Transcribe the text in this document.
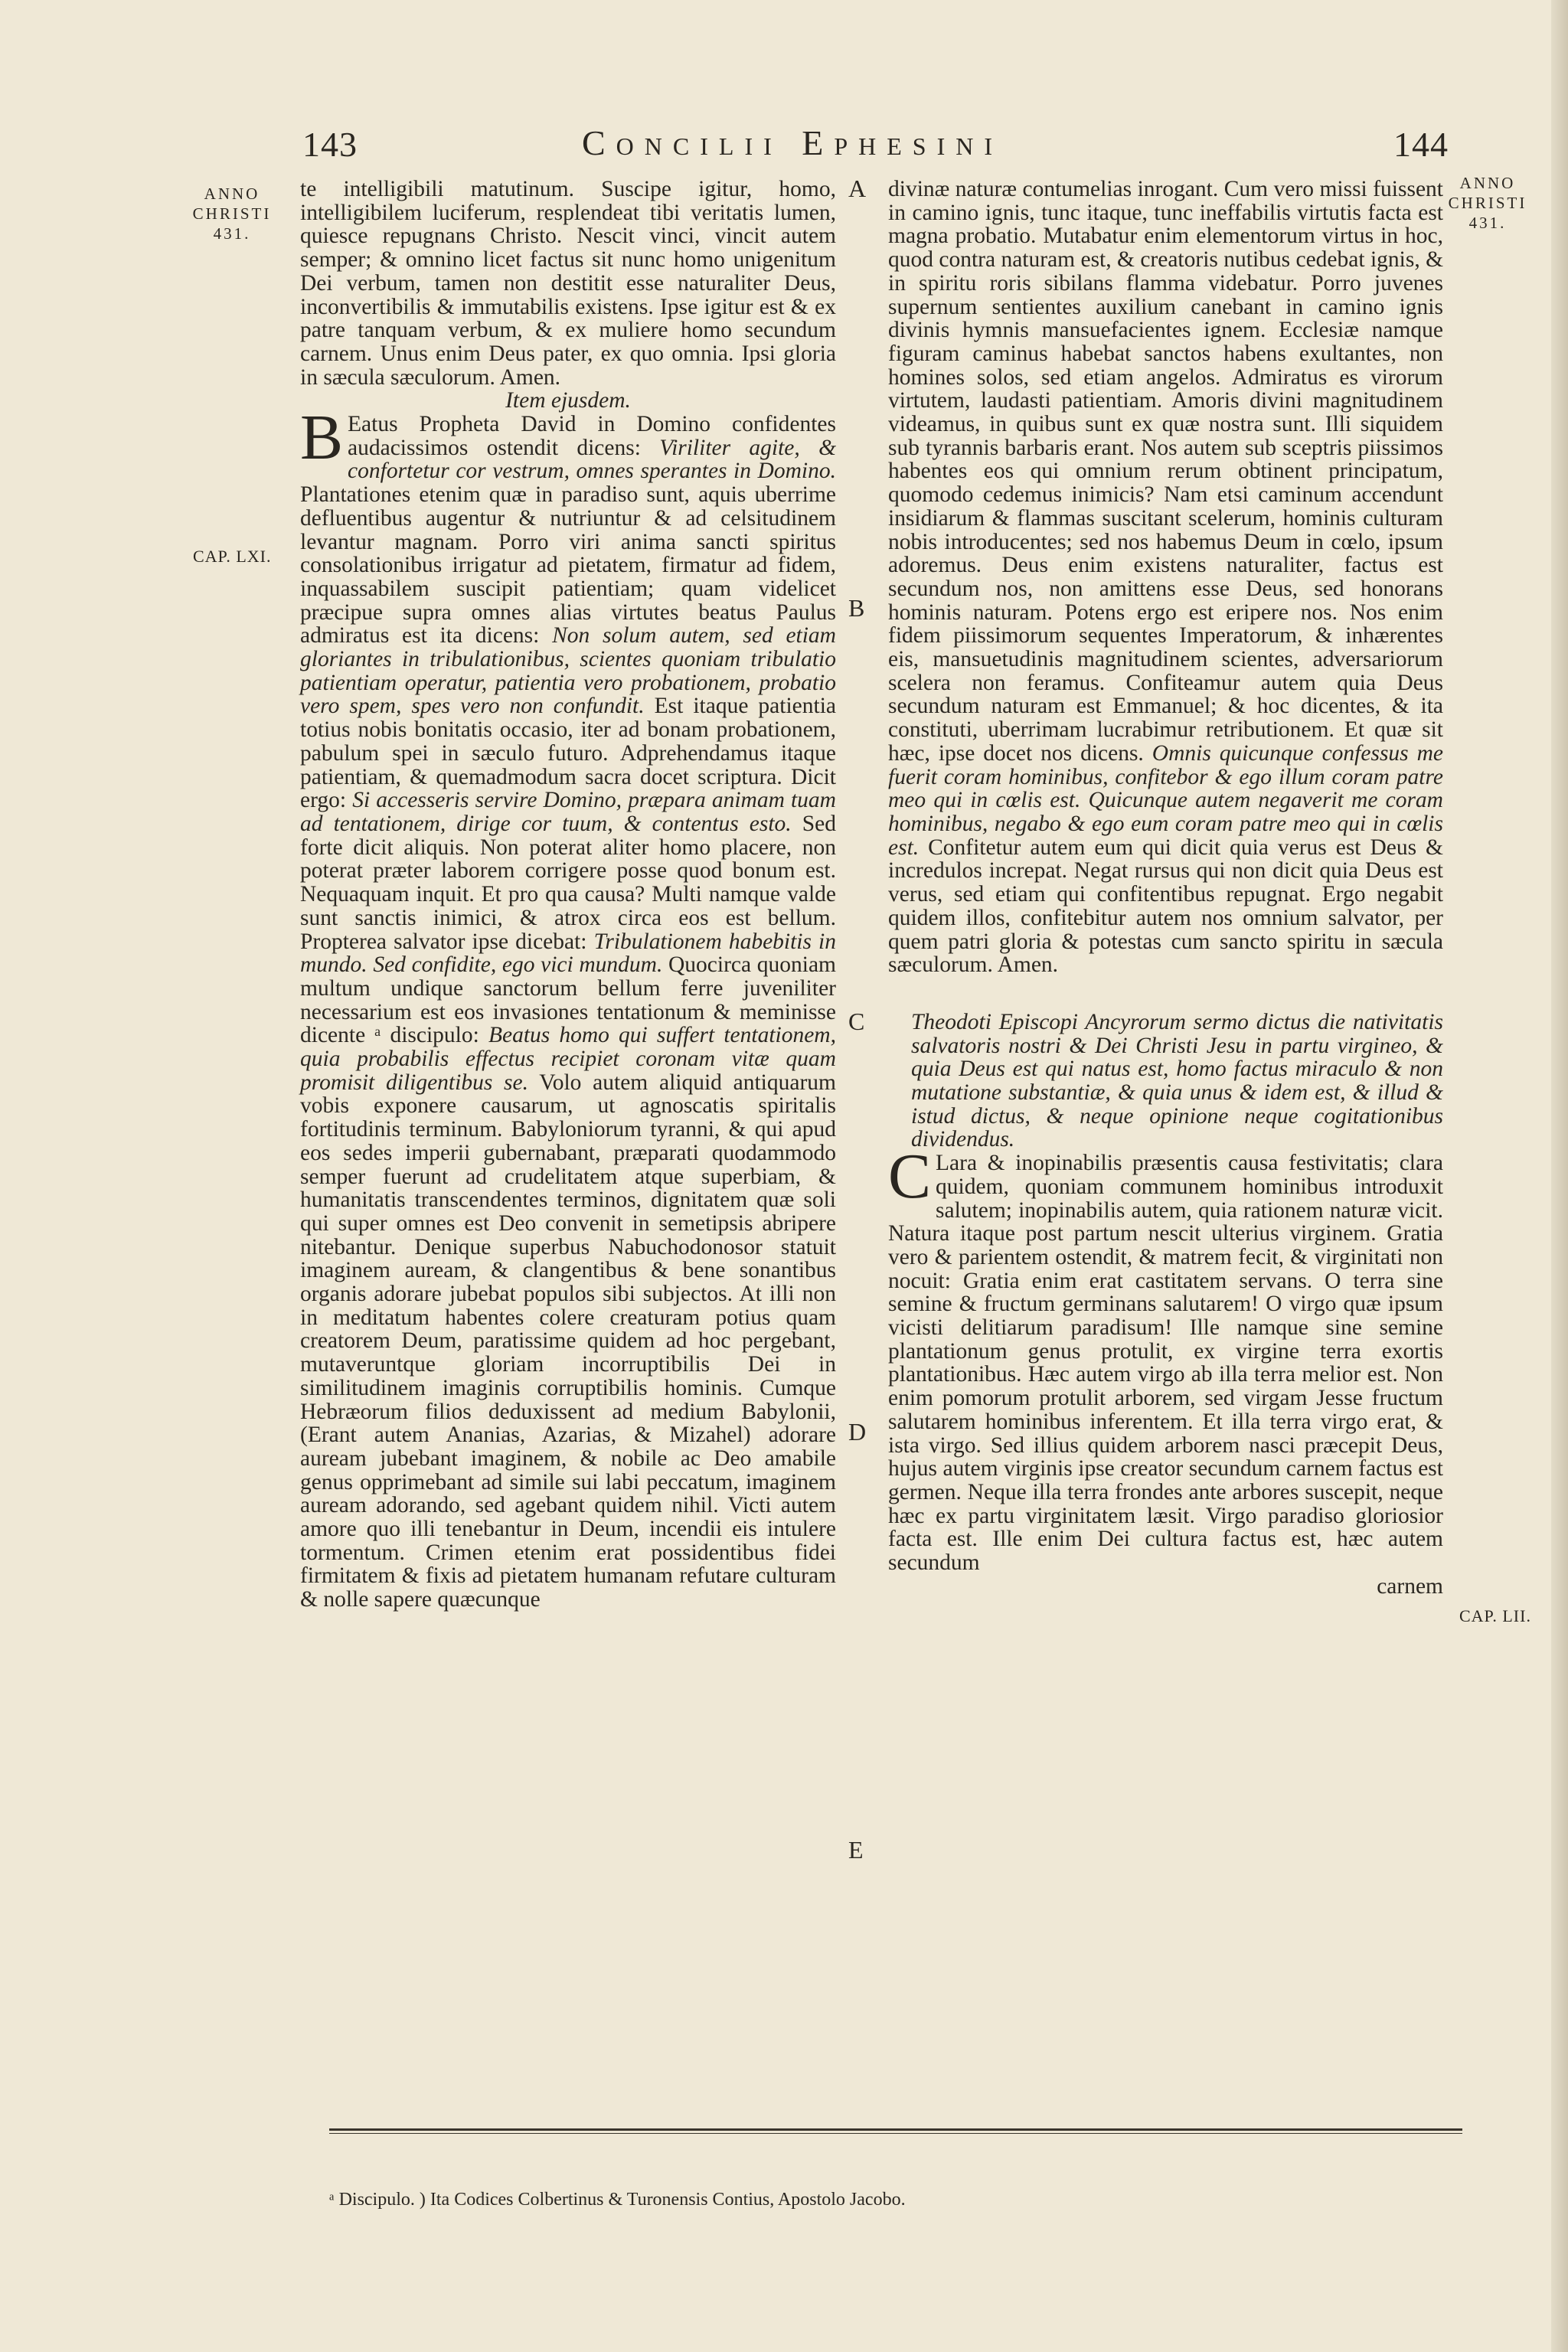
143	Concilii Ephesini	144
ANNO
CHRISTI
431.
ANNO
CHRISTI
431.
CAP. LXI.
CAP. LII.
A
B
C
D
E

te intelligibili matutinum. Suscipe igitur, homo, intelligibilem luciferum, resplendeat tibi veritatis lumen, quiesce repugnans Christo. Nescit vinci, vincit autem semper; & omnino licet factus sit nunc homo unigenitum Dei verbum, tamen non destitit esse naturaliter Deus, inconvertibilis & immutabilis existens. Ipse igitur est & ex patre tanquam verbum, & ex muliere homo secundum carnem. Unus enim Deus pater, ex quo omnia. Ipsi gloria in sæcula sæculorum. Amen.

Item ejusdem.

B Eatus Propheta David in Domino confidentes audacissimos ostendit dicens: Viriliter agite, & confortetur cor vestrum, omnes sperantes in Domino. Plantationes etenim quæ in paradiso sunt, aquis uberrime defluentibus augentur & nutriuntur & ad celsitudinem levantur magnam. Porro viri anima sancti spiritus consolationibus irrigatur ad pietatem, firmatur ad fidem, inquassabilem suscipit patientiam; quam videlicet præcipue supra omnes alias virtutes beatus Paulus admiratus est ita dicens: Non solum autem, sed etiam gloriantes in tribulationibus, scientes quoniam tribulatio patientiam operatur, patientia vero probationem, probatio vero spem, spes vero non confundit. Est itaque patientia totius nobis bonitatis occasio, iter ad bonam probationem, pabulum spei in sæculo futuro. Adprehendamus itaque patientiam, & quemadmodum sacra docet scriptura. Dicit ergo: Si accesseris servire Domino, præpara animam tuam ad tentationem, dirige cor tuum, & contentus esto. Sed forte dicit aliquis. Non poterat aliter homo placere, non poterat præter laborem corrigere posse quod bonum est. Nequaquam inquit. Et pro qua causa? Multi namque valde sunt sanctis inimici, & atrox circa eos est bellum. Propterea salvator ipse dicebat: Tribulationem habebitis in mundo. Sed confidite, ego vici mundum. Quocirca quoniam multum undique sanctorum bellum ferre juveniliter necessarium est eos invasiones tentationum & meminisse dicente ᵃ discipulo: Beatus homo qui suffert tentationem, quia probabilis effectus recipiet coronam vitæ quam promisit diligentibus se. Volo autem aliquid antiquarum vobis exponere causarum, ut agnoscatis spiritalis fortitudinis terminum. Babyloniorum tyranni, & qui apud eos sedes imperii gubernabant, præparati quodammodo semper fuerunt ad crudelitatem atque superbiam, & humanitatis transcendentes terminos, dignitatem quæ soli qui super omnes est Deo convenit in semetipsis abripere nitebantur. Denique superbus Nabuchodonosor statuit imaginem auream, & clangentibus & bene sonantibus organis adorare jubebat populos sibi subjectos. At illi non in meditatum habentes colere creaturam potius quam creatorem Deum, paratissime quidem ad hoc pergebant, mutaveruntque gloriam incorruptibilis Dei in similitudinem imaginis corruptibilis hominis. Cumque Hebræorum filios deduxissent ad medium Babylonii, (Erant autem Ananias, Azarias, & Mizahel) adorare auream jubebant imaginem, & nobile ac Deo amabile genus opprimebant ad simile sui labi peccatum, imaginem auream adorando, sed agebant quidem nihil. Victi autem amore quo illi tenebantur in Deum, incendii eis intulere tormentum. Crimen etenim erat possidentibus fidei firmitatem & fixis ad pietatem humanam refutare culturam & nolle sapere quæcunque

divinæ naturæ contumelias inrogant. Cum vero missi fuissent in camino ignis, tunc itaque, tunc ineffabilis virtutis facta est magna probatio. Mutabatur enim elementorum virtus in hoc, quod contra naturam est, & creatoris nutibus cedebat ignis, & in spiritu roris sibilans flamma videbatur. Porro juvenes supernum sentientes auxilium canebant in camino ignis divinis hymnis mansuefacientes ignem. Ecclesiæ namque figuram caminus habebat sanctos habens exultantes, non homines solos, sed etiam angelos. Admiratus es virorum virtutem, laudasti patientiam. Amoris divini magnitudinem videamus, in quibus sunt ex quæ nostra sunt. Illi siquidem sub tyrannis barbaris erant. Nos autem sub sceptris piissimos habentes eos qui omnium rerum obtinent principatum, quomodo cedemus inimicis? Nam etsi caminum accendunt insidiarum & flammas suscitant scelerum, hominis culturam nobis introducentes; sed nos habemus Deum in cœlo, ipsum adoremus. Deus enim existens naturaliter, factus est secundum nos, non amittens esse Deus, sed honorans hominis naturam. Potens ergo est eripere nos. Nos enim fidem piissimorum sequentes Imperatorum, & inhærentes eis, mansuetudinis magnitudinem scientes, adversariorum scelera non feramus. Confiteamur autem quia Deus secundum naturam est Emmanuel; & hoc dicentes, & ita constituti, uberrimam lucrabimur retributionem. Et quæ sit hæc, ipse docet nos dicens. Omnis quicunque confessus me fuerit coram hominibus, confitebor & ego illum coram patre meo qui in cœlis est. Quicunque autem negaverit me coram hominibus, negabo & ego eum coram patre meo qui in cœlis est. Confitetur autem eum qui dicit quia verus est Deus & incredulos increpat. Negat rursus qui non dicit quia Deus est verus, sed etiam qui confitentibus repugnat. Ergo negabit quidem illos, confitebitur autem nos omnium salvator, per quem patri gloria & potestas cum sancto spiritu in sæcula sæculorum. Amen.

Theodoti Episcopi Ancyrorum sermo dictus die nativitatis salvatoris nostri & Dei Christi Jesu in partu virgineo, & quia Deus est qui natus est, homo factus miraculo & non mutatione substantiæ, & quia unus & idem est, & illud & istud dictus, & neque opinione neque cogitationibus dividendus.

C Lara & inopinabilis præsentis causa festivitatis; clara quidem, quoniam communem hominibus introduxit salutem; inopinabilis autem, quia rationem naturæ vicit. Natura itaque post partum nescit ulterius virginem. Gratia vero & parientem ostendit, & matrem fecit, & virginitati non nocuit: Gratia enim erat castitatem servans. O terra sine semine & fructum germinans salutarem! O virgo quæ ipsum vicisti delitiarum paradisum! Ille namque sine semine plantationum genus protulit, ex virgine terra exortis plantationibus. Hæc autem virgo ab illa terra melior est. Non enim pomorum protulit arborem, sed virgam Jesse fructum salutarem hominibus inferentem. Et illa terra virgo erat, & ista virgo. Sed illius quidem arborem nasci præcepit Deus, hujus autem virginis ipse creator secundum carnem factus est germen. Neque illa terra frondes ante arbores suscepit, neque hæc ex partu virginitatem læsit. Virgo paradiso gloriosior facta est. Ille enim Dei cultura factus est, hæc autem secundum

carnem

ᵃ Discipulo. ) Ita Codices Colbertinus & Turonensis Contius, Apostolo Jacobo.
